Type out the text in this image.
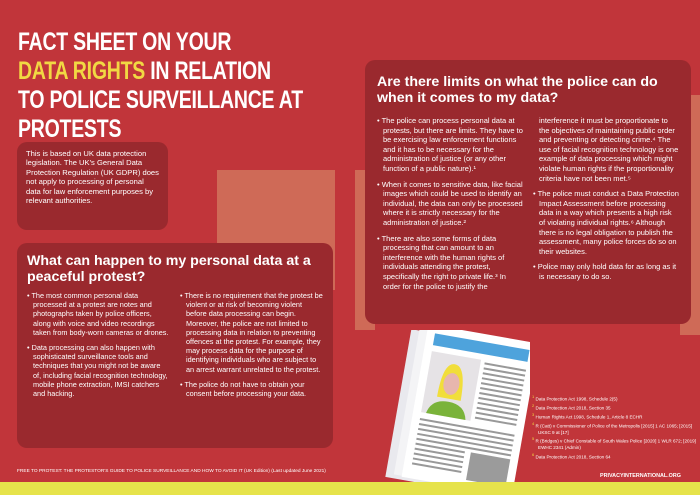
This is based on UK data protection legislation. The UK's General Data Protection Regulation (UK GDPR) does not apply to processing of personal data for law enforcement purposes by relevant authorities.
What can happen to my personal data at a peaceful protest?

• The most common personal data processed at a protest are notes and photographs taken by police officers, along with voice and video recordings taken from body-worn cameras or drones.

• Data processing can also happen with sophisticated surveillance tools and techniques that you might not be aware of, including facial recognition technology, mobile phone extraction, IMSI catchers and hacking.

• There is no requirement that the protest be violent or at risk of becoming violent before data processing can begin. Moreover, the police are not limited to processing data in relation to preventing offences at the protest. For example, they may process data for the purpose of identifying individuals who are subject to an arrest warrant unrelated to the protest.

• The police do not have to obtain your consent before processing your data.

Are there limits on what the police can do when it comes to my data?

• The police can process personal data at protests, but there are limits. They have to be exercising law enforcement functions and it has to be necessary for the administration of justice (or any other function of a public nature).¹

• When it comes to sensitive data, like facial images which could be used to identify an individual, the data can only be processed where it is strictly necessary for the administration of justice.²

• There are also some forms of data processing that can amount to an interference with the human rights of individuals attending the protest, specifically the right to private life.³ In order for the police to justify the

interference it must be proportionate to the objectives of maintaining public order and preventing or detecting crime.⁴ The use of facial recognition technology is one example of data processing which might violate human rights if the proportionality criteria have not been met.⁵

• The police must conduct a Data Protection Impact Assessment before processing data in a way which presents a high risk of violating individual rights.⁶ Although there is no legal obligation to publish the assessment, many police forces do so on their websites.

• Police may only hold data for as long as it is necessary to do so.

FACT SHEET ON YOUR
DATA RIGHTS IN RELATION
TO POLICE SURVEILLANCE AT
PROTESTS
$^1$ Data Protection Act 1998, Schedule 2(5)
$^2$ Data Protection Act 2018, Section 35
$^3$ Human Rights Act 1998, Schedule 1, Article 8 ECHR
$^4$ R (Catt) v Commissioner of Police of the Metropolis [2015] 1 AC 1065; [2015] UKSC 9 at [17]
$^5$ R (Bridges) v Chief Constable of South Wales Police [2020] 1 WLR 672; [2019] EWHC 2341 (Admin)
$^6$ Data Protection Act 2018, Section 64
FREE TO PROTEST: THE PROTESTOR'S GUIDE TO POLICE SURVEILLANCE AND HOW TO AVOID IT (UK Edition) (Last updated June 2021)
PRIVACYINTERNATIONAL.ORG
